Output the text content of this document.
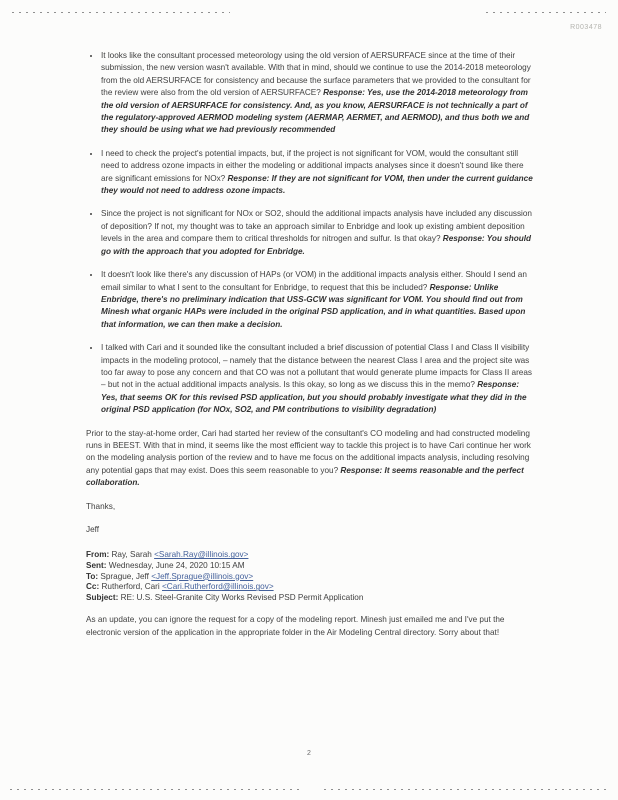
R003478
• It looks like the consultant processed meteorology using the old version of AERSURFACE since at the time of their submission, the new version wasn't available. With that in mind, should we continue to use the 2014-2018 meteorology from the old AERSURFACE for consistency and because the surface parameters that we provided to the consultant for the review were also from the old version of AERSURFACE? Response: Yes, use the 2014-2018 meteorology from the old version of AERSURFACE for consistency. And, as you know, AERSURFACE is not technically a part of the regulatory-approved AERMOD modeling system (AERMAP, AERMET, and AERMOD), and thus both we and they should be using what we had previously recommended
• I need to check the project's potential impacts, but, if the project is not significant for VOM, would the consultant still need to address ozone impacts in either the modeling or additional impacts analyses since it doesn't sound like there are significant emissions for NOx? Response: If they are not significant for VOM, then under the current guidance they would not need to address ozone impacts.
• Since the project is not significant for NOx or SO2, should the additional impacts analysis have included any discussion of deposition? If not, my thought was to take an approach similar to Enbridge and look up existing ambient deposition levels in the area and compare them to critical thresholds for nitrogen and sulfur. Is that okay? Response: You should go with the approach that you adopted for Enbridge.
• It doesn't look like there's any discussion of HAPs (or VOM) in the additional impacts analysis either. Should I send an email similar to what I sent to the consultant for Enbridge, to request that this be included? Response: Unlike Enbridge, there's no preliminary indication that USS-GCW was significant for VOM. You should find out from Minesh what organic HAPs were included in the original PSD application, and in what quantities. Based upon that information, we can then make a decision.
• I talked with Cari and it sounded like the consultant included a brief discussion of potential Class I and Class II visibility impacts in the modeling protocol, – namely that the distance between the nearest Class I area and the project site was too far away to pose any concern and that CO was not a pollutant that would generate plume impacts for Class II areas – but not in the actual additional impacts analysis. Is this okay, so long as we discuss this in the memo? Response: Yes, that seems OK for this revised PSD application, but you should probably investigate what they did in the original PSD application (for NOx, SO2, and PM contributions to visibility degradation)

Prior to the stay-at-home order, Cari had started her review of the consultant's CO modeling and had constructed modeling runs in BEEST. With that in mind, it seems like the most efficient way to tackle this project is to have Cari continue her work on the modeling analysis portion of the review and to have me focus on the additional impacts analysis, including resolving any potential gaps that may exist. Does this seem reasonable to you? Response: It seems reasonable and the perfect collaboration.

Thanks,

Jeff

From: Ray, Sarah <Sarah.Ray@illinois.gov>

Sent: Wednesday, June 24, 2020 10:15 AM

To: Sprague, Jeff <Jeff.Sprague@illinois.gov>

Cc: Rutherford, Cari <Cari.Rutherford@illinois.gov>

Subject: RE: U.S. Steel-Granite City Works Revised PSD Permit Application

As an update, you can ignore the request for a copy of the modeling report. Minesh just emailed me and I've put the electronic version of the application in the appropriate folder in the Air Modeling Central directory. Sorry about that!

2
